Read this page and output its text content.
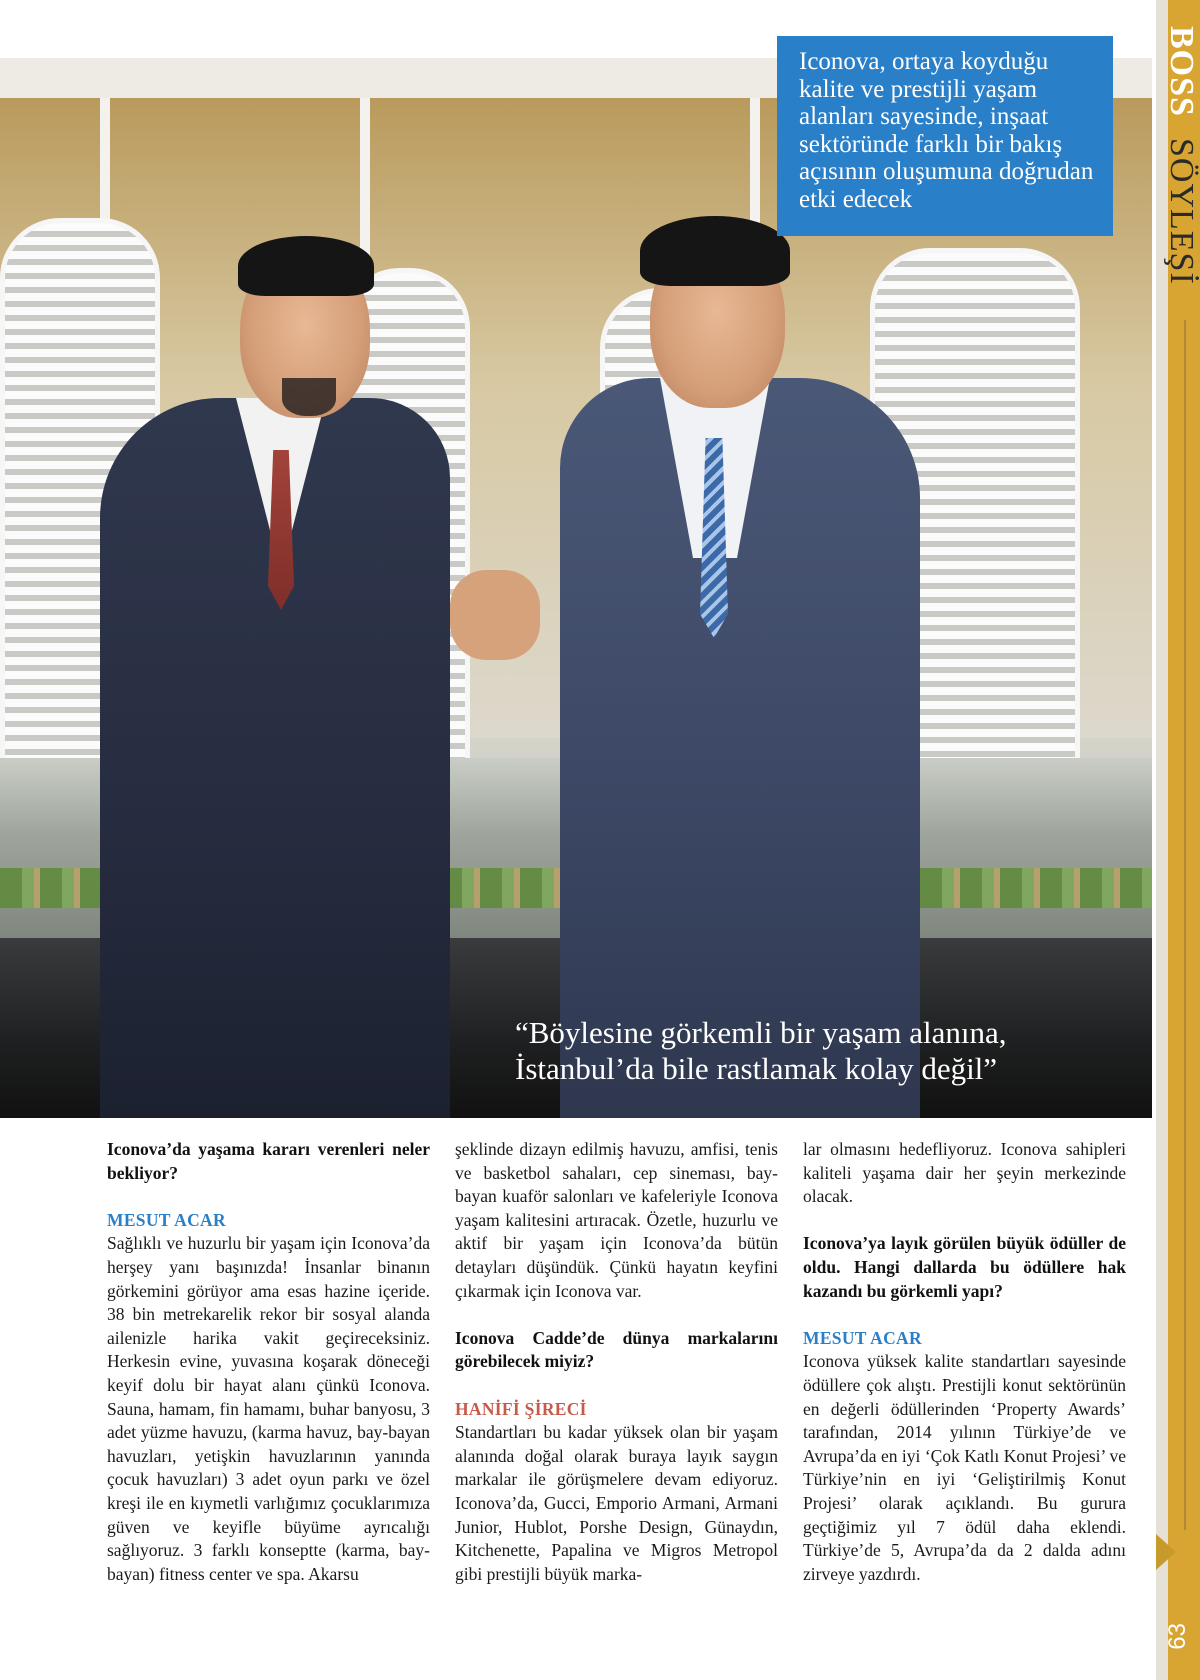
BOSS SÖYLEŞİ
63
Iconova, ortaya koyduğu kalite ve prestijli yaşam alanları sayesinde, inşaat sektöründe farklı bir bakış açısının oluşumuna doğrudan etki edecek
“Böylesine görkemli bir yaşam alanına, İstanbul’da bile rastlamak kolay değil”

Iconova’da yaşama kararı verenleri neler bekliyor?

MESUT ACAR

Sağlıklı ve huzurlu bir yaşam için Iconova’da herşey yanı başınızda! İnsanlar binanın görkemini görüyor ama esas hazine içeride. 38 bin metrekarelik rekor bir sosyal alanda ailenizle harika vakit geçireceksiniz. Herkesin evine, yuvasına koşarak döneceği keyif dolu bir hayat alanı çünkü Iconova. Sauna, hamam, fin hamamı, buhar banyosu, 3 adet yüzme havuzu, (karma havuz, bay-bayan havuzları, yetişkin havuzlarının yanında çocuk havuzları) 3 adet oyun parkı ve özel kreşi ile en kıymetli varlığımız çocuklarımıza güven ve keyifle büyüme ayrıcalığı sağlıyoruz. 3 farklı konseptte (karma, bay-bayan) fitness center ve spa. Akarsu

şeklinde dizayn edilmiş havuzu, amfisi, tenis ve basketbol sahaları, cep sineması, bay-bayan kuaför salonları ve kafeleriyle Iconova yaşam kalitesini artıracak. Özetle, huzurlu ve aktif bir yaşam için Iconova’da bütün detayları düşündük. Çünkü hayatın keyfini çıkarmak için Iconova var.

Iconova Cadde’de dünya markalarını görebilecek miyiz?

HANİFİ ŞİRECİ

Standartları bu kadar yüksek olan bir yaşam alanında doğal olarak buraya layık saygın markalar ile görüşmelere devam ediyoruz. Iconova’da, Gucci, Emporio Armani, Armani Junior, Hublot, Porshe Design, Günaydın, Kitchenette, Papalina ve Migros Metropol gibi prestijli büyük marka-

lar olmasını hedefliyoruz. Iconova sahipleri kaliteli yaşama dair her şeyin merkezinde olacak.

Iconova’ya layık görülen büyük ödüller de oldu. Hangi dallarda bu ödüllere hak kazandı bu görkemli yapı?

MESUT ACAR

Iconova yüksek kalite standartları sayesinde ödüllere çok alıştı. Prestijli konut sektörünün en değerli ödüllerinden ‘Property Awards’ tarafından, 2014 yılının Türkiye’de ve Avrupa’da en iyi ‘Çok Katlı Konut Projesi’ ve Türkiye’nin en iyi ‘Geliştirilmiş Konut Projesi’ olarak açıklandı. Bu gurura geçtiğimiz yıl 7 ödül daha eklendi. Türkiye’de 5, Avrupa’da da 2 dalda adını zirveye yazdırdı.
